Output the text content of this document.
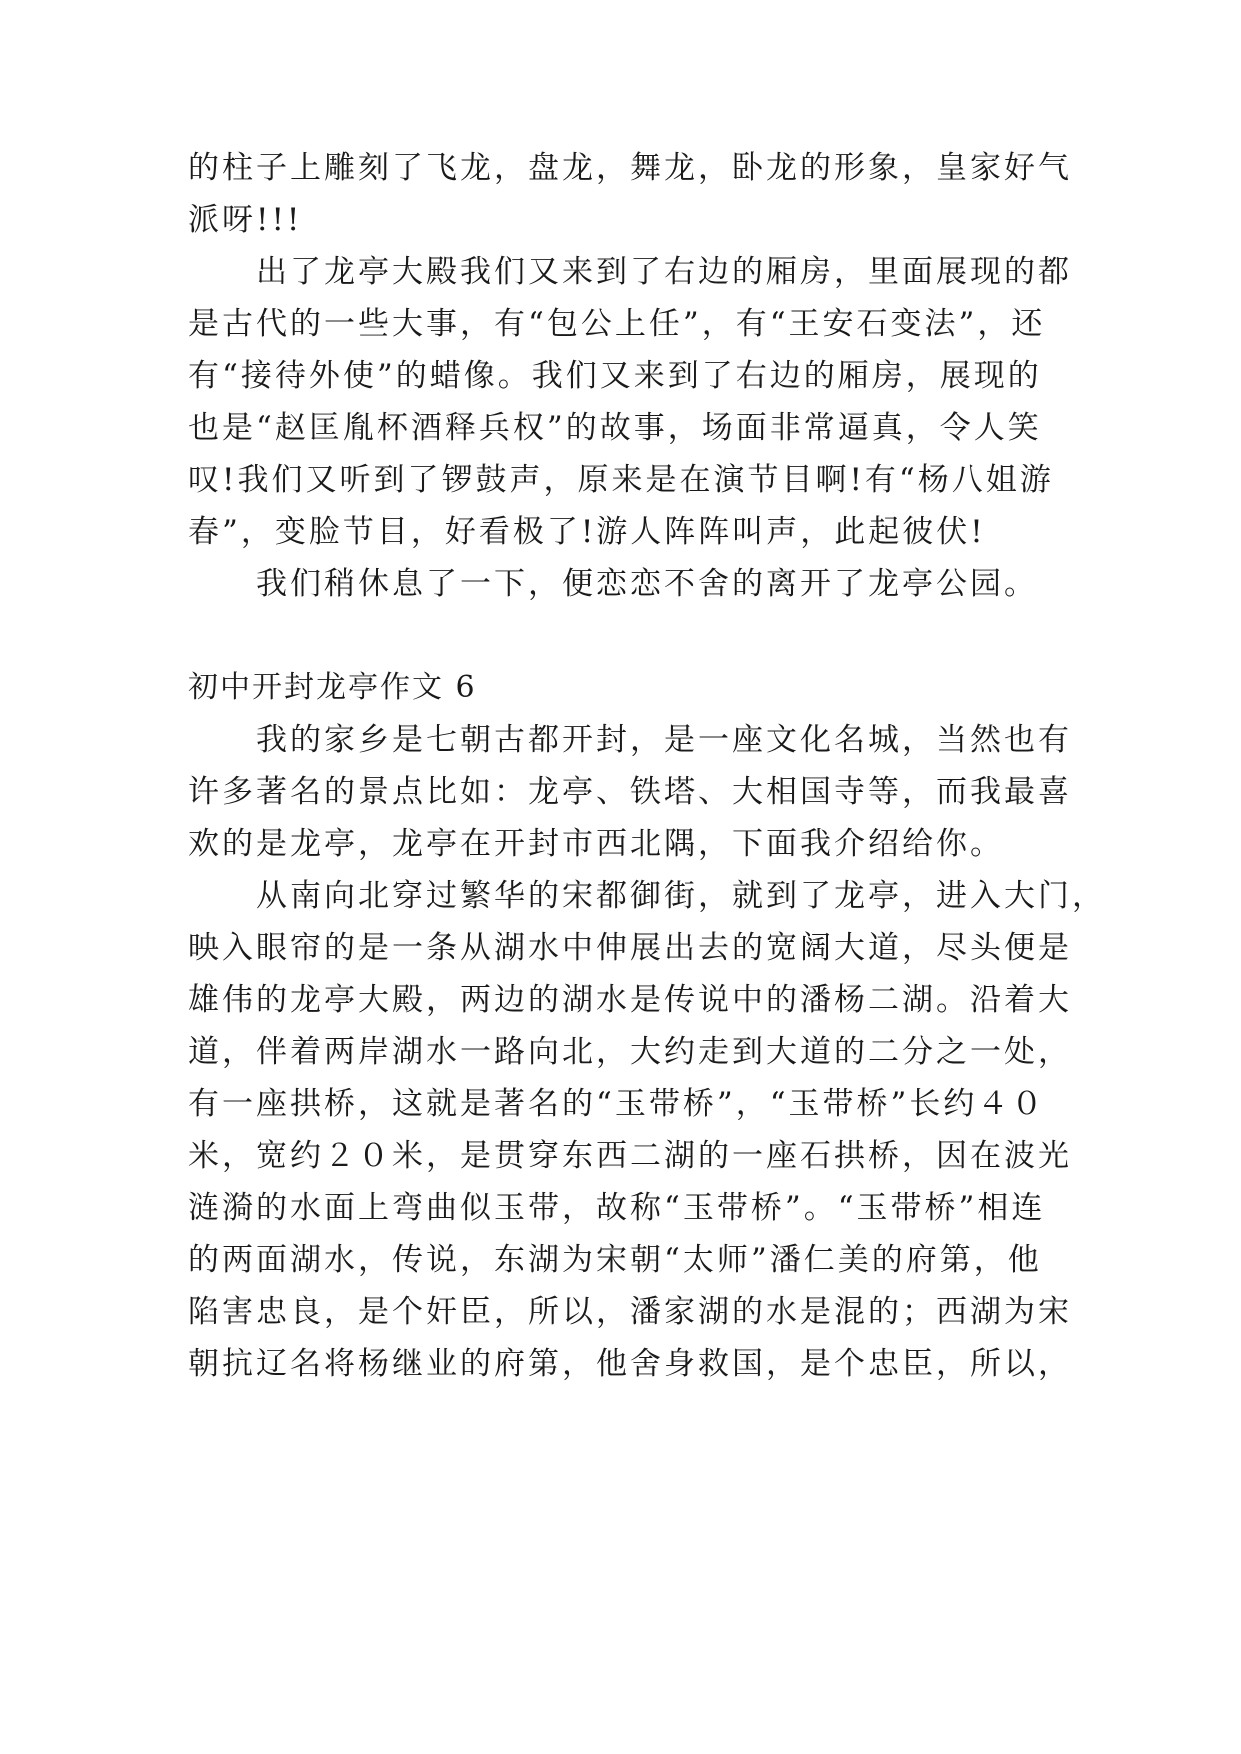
的柱子上雕刻了飞龙，盘龙，舞龙，卧龙的形象，皇家好气
派呀!!!
出了龙亭大殿我们又来到了右边的厢房，里面展现的都
是古代的一些大事，有“包公上任”，有“王安石变法”，还
有“接待外使”的蜡像。我们又来到了右边的厢房，展现的
也是“赵匡胤杯酒释兵权”的故事，场面非常逼真，令人笑
叹!我们又听到了锣鼓声，原来是在演节目啊!有“杨八姐游
春”，变脸节目，好看极了!游人阵阵叫声，此起彼伏!
我们稍休息了一下，便恋恋不舍的离开了龙亭公园。
初中开封龙亭作文 6
我的家乡是七朝古都开封，是一座文化名城，当然也有
许多著名的景点比如：龙亭、铁塔、大相国寺等，而我最喜
欢的是龙亭，龙亭在开封市西北隅，下面我介绍给你。
从南向北穿过繁华的宋都御街，就到了龙亭，进入大门，
映入眼帘的是一条从湖水中伸展出去的宽阔大道，尽头便是
雄伟的龙亭大殿，两边的湖水是传说中的潘杨二湖。沿着大
道，伴着两岸湖水一路向北，大约走到大道的二分之一处，
有一座拱桥，这就是著名的“玉带桥”，“玉带桥”长约４０
米，宽约２０米，是贯穿东西二湖的一座石拱桥，因在波光
涟漪的水面上弯曲似玉带，故称“玉带桥”。“玉带桥”相连
的两面湖水，传说，东湖为宋朝“太师”潘仁美的府第，他
陷害忠良，是个奸臣，所以，潘家湖的水是混的；西湖为宋
朝抗辽名将杨继业的府第，他舍身救国，是个忠臣，所以，
